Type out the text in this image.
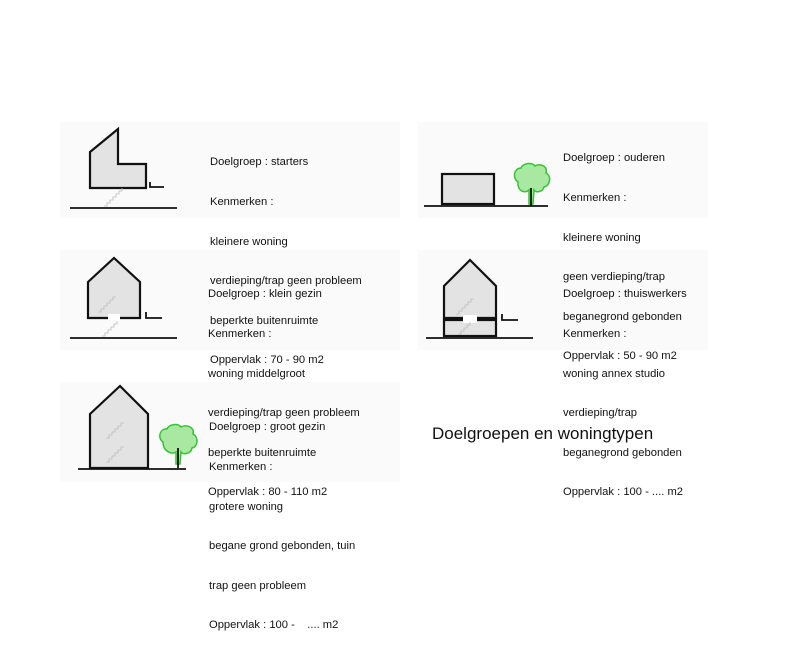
Doelgroep : starters

Kenmerken :

kleinere woning

verdieping/trap geen probleem

beperkte buitenruimte

Oppervlak : 70 - 90 m2

Doelgroep : ouderen

Kenmerken :

kleinere woning

geen verdieping/trap

beganegrond gebonden

Oppervlak : 50 - 90 m2

Doelgroep : klein gezin

Kenmerken :

woning middelgroot

verdieping/trap geen probleem

beperkte buitenruimte

Oppervlak : 80 - 110 m2

Doelgroep : thuiswerkers

Kenmerken :

woning annex studio

verdieping/trap

beganegrond gebonden

Oppervlak : 100 - .... m2

Doelgroep : groot gezin

Kenmerken :

grotere woning

begane grond gebonden, tuin

trap geen probleem

Oppervlak : 100 -    .... m2

Doelgroepen en woningtypen
